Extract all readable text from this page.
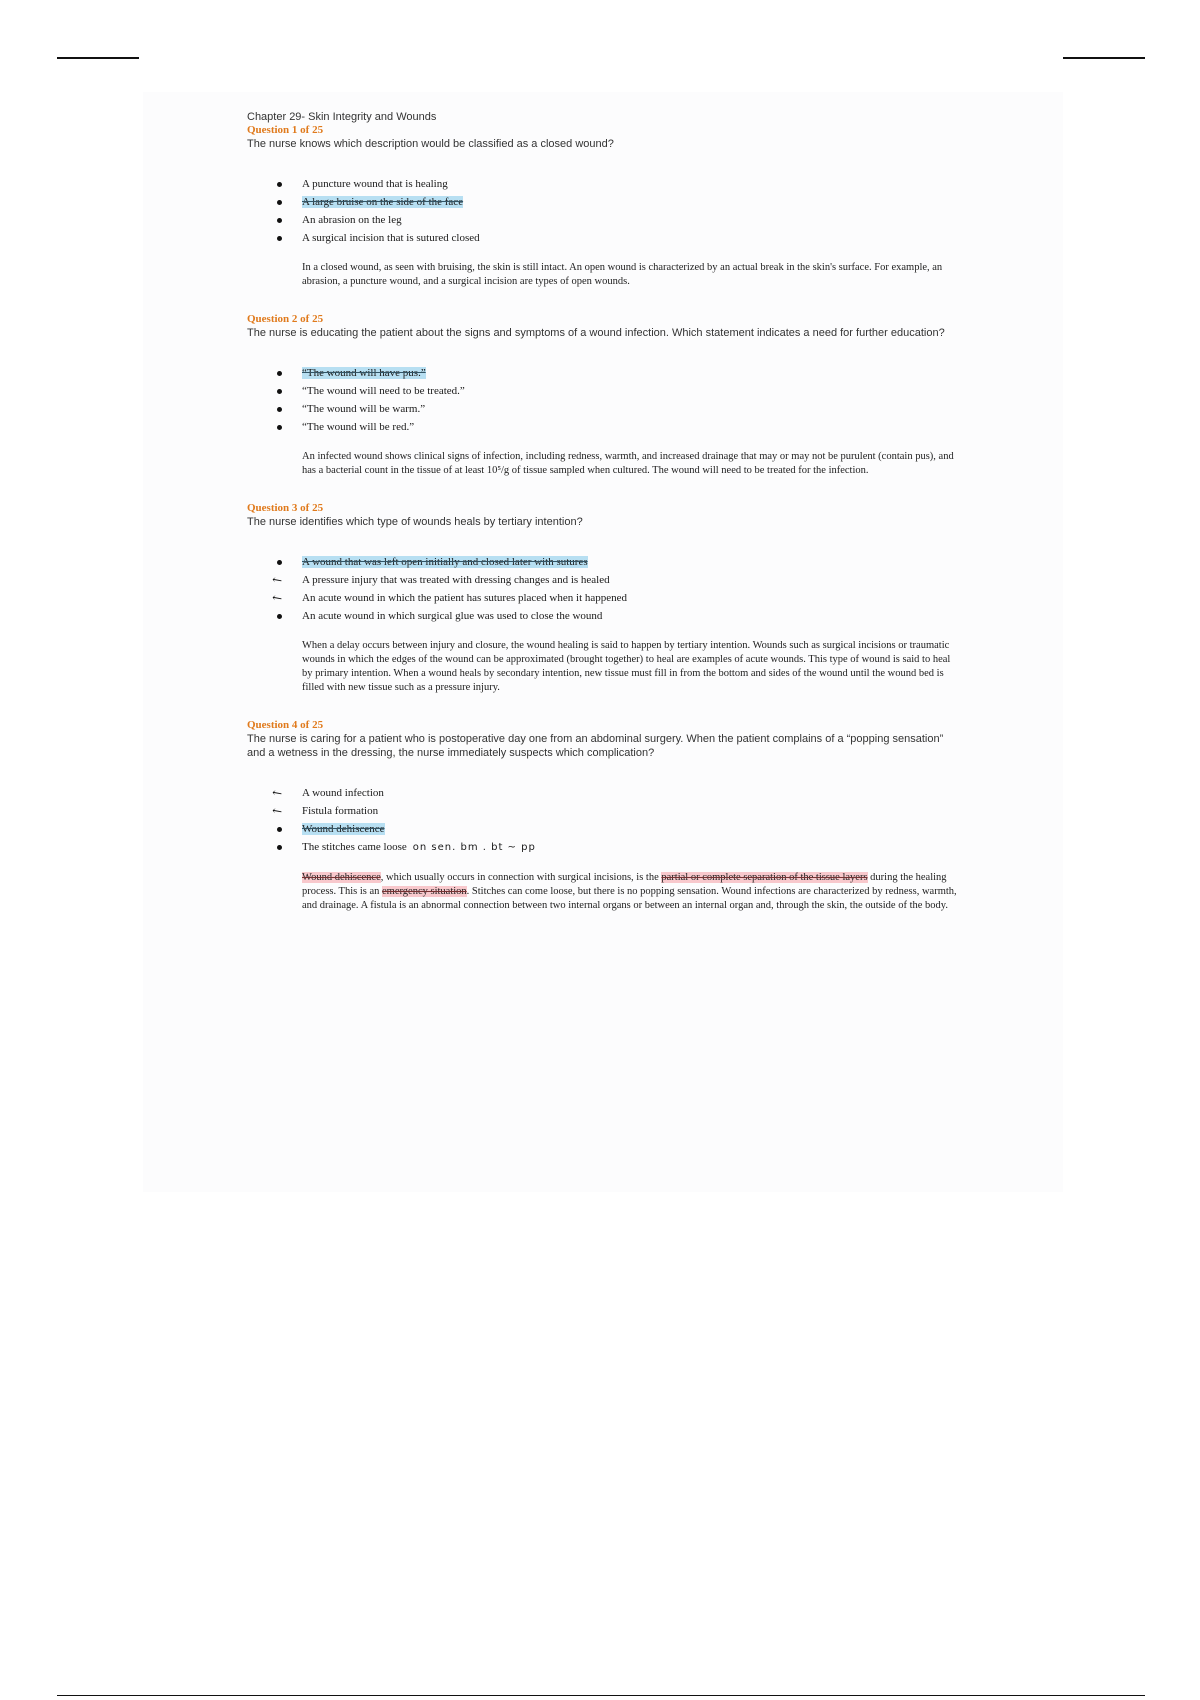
Chapter 29- Skin Integrity and Wounds
Question 1 of 25
The nurse knows which description would be classified as a closed wound?
A puncture wound that is healing
A large bruise on the side of the face
An abrasion on the leg
A surgical incision that is sutured closed
In a closed wound, as seen with bruising, the skin is still intact. An open wound is characterized by an actual break in the skin's surface. For example, an abrasion, a puncture wound, and a surgical incision are types of open wounds.
Question 2 of 25
The nurse is educating the patient about the signs and symptoms of a wound infection. Which statement indicates a need for further education?
“The wound will have pus.”
“The wound will need to be treated.”
“The wound will be warm.”
“The wound will be red.”
An infected wound shows clinical signs of infection, including redness, warmth, and increased drainage that may or may not be purulent (contain pus), and has a bacterial count in the tissue of at least 10⁵/g of tissue sampled when cultured. The wound will need to be treated for the infection.
Question 3 of 25
The nurse identifies which type of wounds heals by tertiary intention?
A wound that was left open initially and closed later with sutures
↖ A pressure injury that was treated with dressing changes and is healed
↖ An acute wound in which the patient has sutures placed when it happened
An acute wound in which surgical glue was used to close the wound
When a delay occurs between injury and closure, the wound healing is said to happen by tertiary intention. Wounds such as surgical incisions or traumatic wounds in which the edges of the wound can be approximated (brought together) to heal are examples of acute wounds. This type of wound is said to heal by primary intention. When a wound heals by secondary intention, new tissue must fill in from the bottom and sides of the wound until the wound bed is filled with new tissue such as a pressure injury.
Question 4 of 25
The nurse is caring for a patient who is postoperative day one from an abdominal surgery. When the patient complains of a “popping sensation” and a wetness in the dressing, the nurse immediately suspects which complication?
↖ A wound infection
↖ Fistula formation
Wound dehiscence
The stitches came loose on sen. bm . bt ~ pp
Wound dehiscence, which usually occurs in connection with surgical incisions, is the partial or complete separation of the tissue layers during the healing process. This is an emergency situation. Stitches can come loose, but there is no popping sensation. Wound infections are characterized by redness, warmth, and drainage. A fistula is an abnormal connection between two internal organs or between an internal organ and, through the skin, the outside of the body.
